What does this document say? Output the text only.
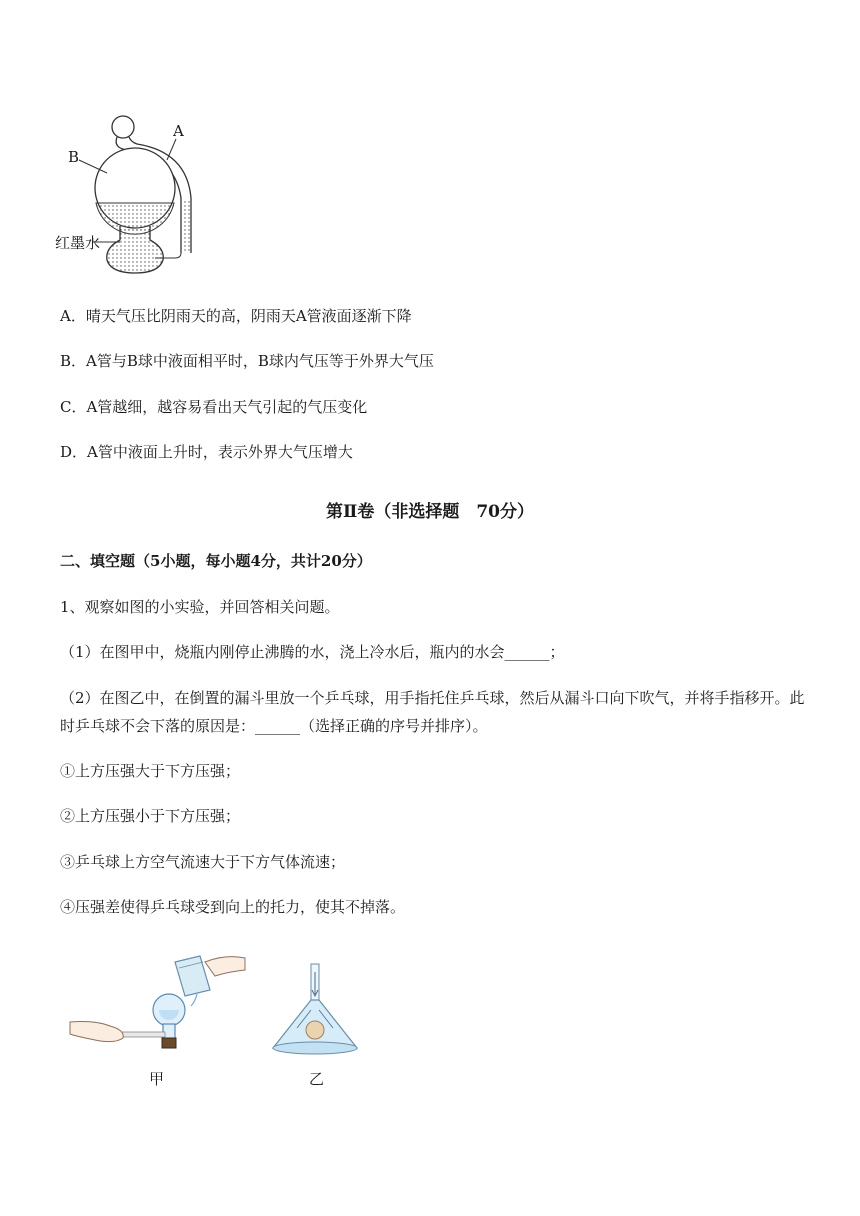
A
B
红墨水
A．晴天气压比阴雨天的高，阴雨天A管液面逐渐下降
B．A管与B球中液面相平时，B球内气压等于外界大气压
C．A管越细，越容易看出天气引起的气压变化
D．A管中液面上升时，表示外界大气压增大
第Ⅱ卷（非选择题　70分）
二、填空题（5小题，每小题4分，共计20分）
1、观察如图的小实验，并回答相关问题。
（1）在图甲中，烧瓶内刚停止沸腾的水，浇上冷水后，瓶内的水会______；
（2）在图乙中，在倒置的漏斗里放一个乒乓球，用手指托住乒乓球，然后从漏斗口向下吹气，并将手指移开。此时乒乓球不会下落的原因是：______（选择正确的序号并排序）。
①上方压强大于下方压强；
②上方压强小于下方压强；
③乒乓球上方空气流速大于下方气体流速；
④压强差使得乒乓球受到向上的托力，使其不掉落。
甲	乙
